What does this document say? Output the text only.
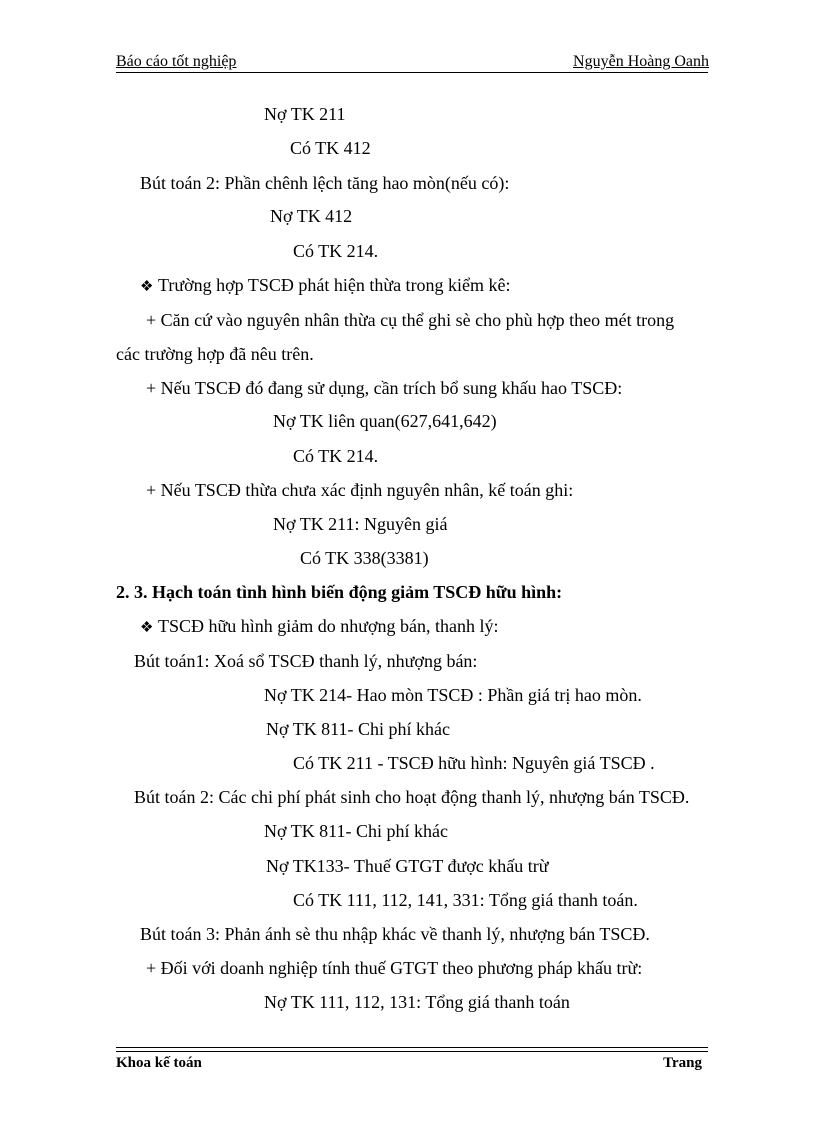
Báo cáo tốt nghiệp	Nguyễn Hoàng Oanh
Nợ TK 211
Có TK 412
Bút toán 2: Phần chênh lệch tăng hao mòn(nếu có):
Nợ TK 412
Có TK 214.
❖ Trường hợp TSCĐ phát hiện thừa trong kiểm kê:
+ Căn cứ vào nguyên nhân thừa cụ thể ghi sè cho phù hợp theo mét trong
các trường hợp đã nêu trên.
+ Nếu TSCĐ đó đang sử dụng, cần trích bổ sung khấu hao TSCĐ:
Nợ TK liên quan(627,641,642)
Có TK 214.
+ Nếu TSCĐ thừa chưa xác định nguyên nhân, kế toán ghi:
Nợ TK 211: Nguyên giá
Có TK 338(3381)
2. 3. Hạch toán tình hình biến động giảm TSCĐ hữu hình:
❖ TSCĐ hữu hình giảm do nhượng bán, thanh lý:
Bút toán1: Xoá sổ TSCĐ thanh lý, nhượng bán:
Nợ TK 214- Hao mòn TSCĐ : Phần giá trị hao mòn.
Nợ TK 811- Chi phí khác
Có TK 211 - TSCĐ hữu hình: Nguyên giá TSCĐ .
Bút toán 2: Các chi phí phát sinh cho hoạt động thanh lý, nhượng bán TSCĐ.
Nợ TK 811- Chi phí khác
Nợ TK133- Thuế GTGT được khấu trừ
Có TK 111, 112, 141, 331: Tổng giá thanh toán.
Bút toán 3: Phản ánh sè thu nhập khác về thanh lý, nhượng bán TSCĐ.
+ Đối với doanh nghiệp tính thuế GTGT theo phương pháp khấu trừ:
Nợ TK 111, 112, 131: Tổng giá thanh toán
Khoa kế toán	Trang
